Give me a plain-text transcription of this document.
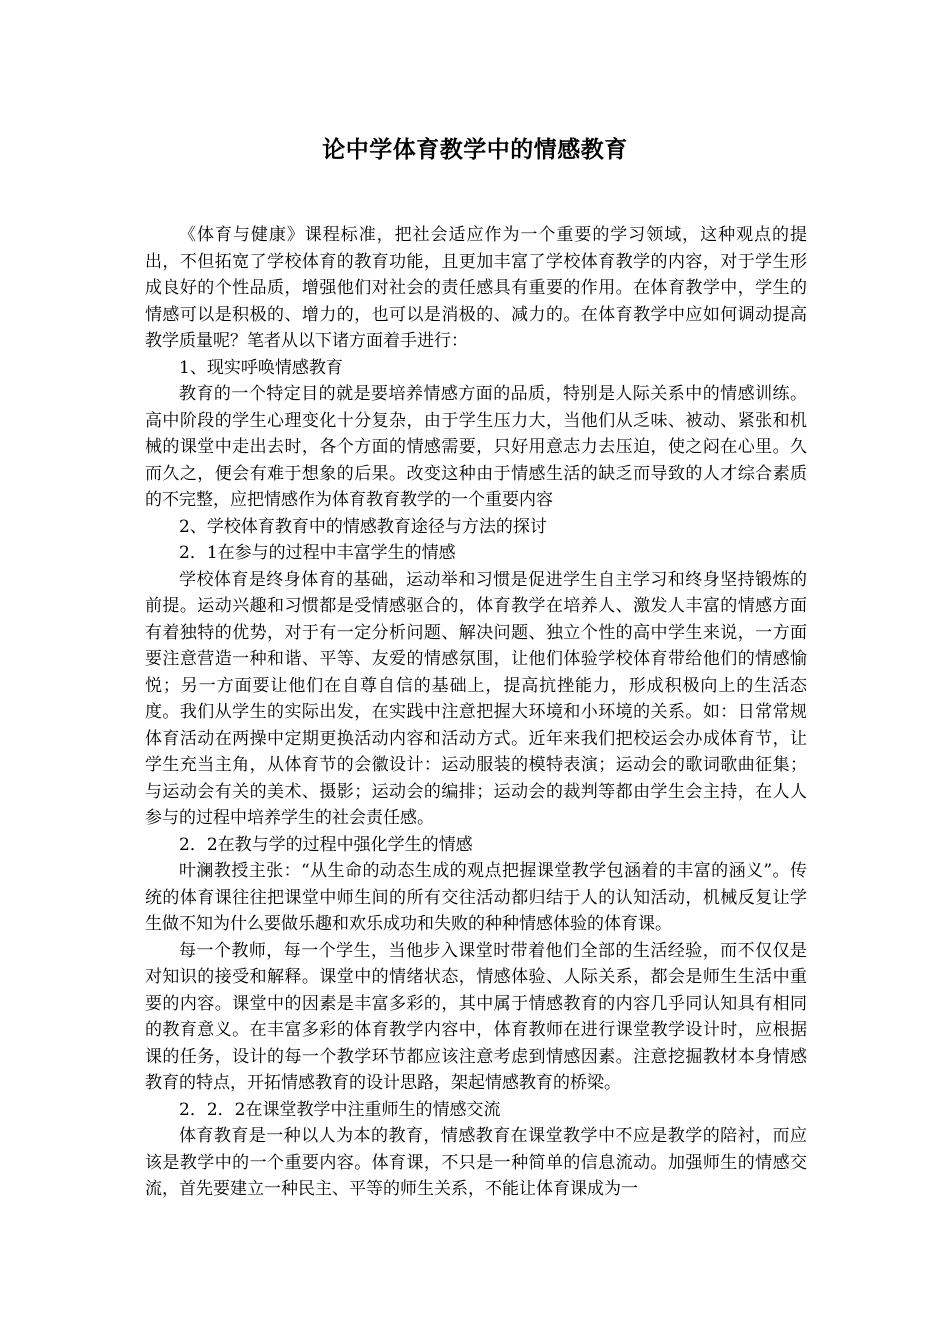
论中学体育教学中的情感教育

《体育与健康》课程标准，把社会适应作为一个重要的学习领域，这种观点的提出，不但拓宽了学校体育的教育功能，且更加丰富了学校体育教学的内容，对于学生形成良好的个性品质，增强他们对社会的责任感具有重要的作用。在体育教学中，学生的情感可以是积极的、增力的，也可以是消极的、减力的。在体育教学中应如何调动提高教学质量呢？笔者从以下诸方面着手进行：

1、现实呼唤情感教育

教育的一个特定目的就是要培养情感方面的品质，特别是人际关系中的情感训练。高中阶段的学生心理变化十分复杂，由于学生压力大，当他们从乏味、被动、紧张和机械的课堂中走出去时，各个方面的情感需要，只好用意志力去压迫，使之闷在心里。久而久之，便会有难于想象的后果。改变这种由于情感生活的缺乏而导致的人才综合素质的不完整，应把情感作为体育教育教学的一个重要内容

2、学校体育教育中的情感教育途径与方法的探讨

2．1在参与的过程中丰富学生的情感

学校体育是终身体育的基础，运动举和习惯是促进学生自主学习和终身坚持锻炼的前提。运动兴趣和习惯都是受情感驱合的，体育教学在培养人、激发人丰富的情感方面有着独特的优势，对于有一定分析问题、解决问题、独立个性的高中学生来说，一方面要注意营造一种和谐、平等、友爱的情感氛围，让他们体验学校体育带给他们的情感愉悦；另一方面要让他们在自尊自信的基础上，提高抗挫能力，形成积极向上的生活态度。我们从学生的实际出发，在实践中注意把握大环境和小环境的关系。如：日常常规体育活动在两操中定期更换活动内容和活动方式。近年来我们把校运会办成体育节，让学生充当主角，从体育节的会徽设计：运动服装的模特表演；运动会的歌词歌曲征集；与运动会有关的美术、摄影；运动会的编排；运动会的裁判等都由学生会主持，在人人参与的过程中培养学生的社会责任感。

2．2在教与学的过程中强化学生的情感

叶澜教授主张：“从生命的动态生成的观点把握课堂教学包涵着的丰富的涵义”。传统的体育课往往把课堂中师生间的所有交往活动都归结于人的认知活动，机械反复让学生做不知为什么要做乐趣和欢乐成功和失败的种种情感体验的体育课。

每一个教师，每一个学生，当他步入课堂时带着他们全部的生活经验，而不仅仅是对知识的接受和解释。课堂中的情绪状态，情感体验、人际关系，都会是师生生活中重要的内容。课堂中的因素是丰富多彩的，其中属于情感教育的内容几乎同认知具有相同的教育意义。在丰富多彩的体育教学内容中，体育教师在进行课堂教学设计时，应根据课的任务，设计的每一个教学环节都应该注意考虑到情感因素。注意挖掘教材本身情感教育的特点，开拓情感教育的设计思路，架起情感教育的桥梁。

2．2．2在课堂教学中注重师生的情感交流

体育教育是一种以人为本的教育，情感教育在课堂教学中不应是教学的陪衬，而应该是教学中的一个重要内容。体育课，不只是一种简单的信息流动。加强师生的情感交流，首先要建立一种民主、平等的师生关系，不能让体育课成为一
